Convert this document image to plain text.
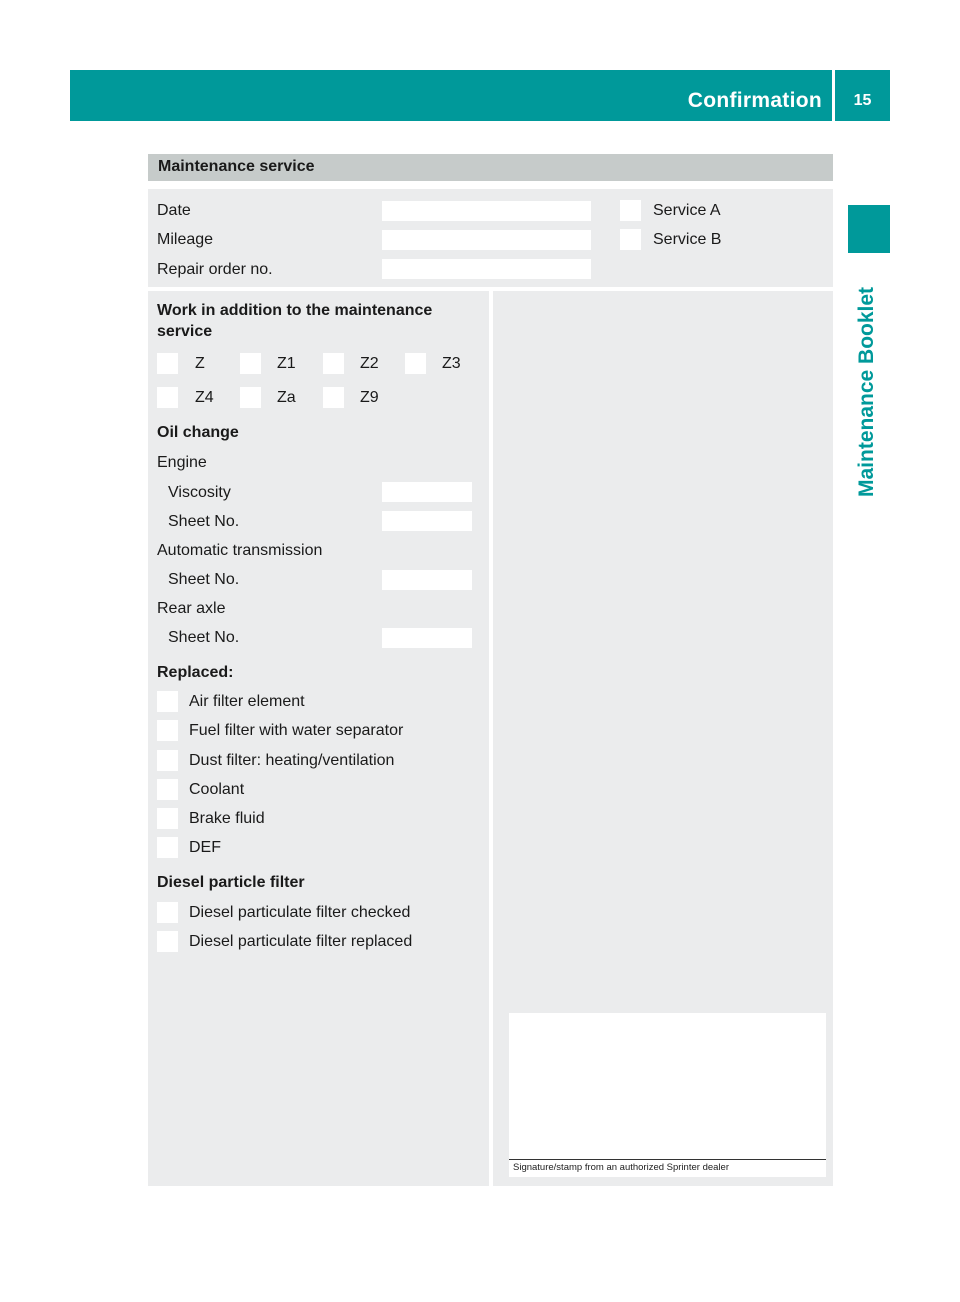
Confirmation	15
Maintenance Booklet
Maintenance service
Date
Mileage
Repair order no.
Service A
Service B
Work in addition to the maintenance
service
Z	Z1	Z2	Z3
Z4	Za	Z9
Oil change
Engine
Viscosity
Sheet No.
Automatic transmission
Sheet No.
Rear axle
Sheet No.
Replaced:
Air filter element
Fuel filter with water separator
Dust filter: heating/ventilation
Coolant
Brake fluid
DEF
Diesel particle filter
Diesel particulate filter checked
Diesel particulate filter replaced
Signature/stamp from an authorized Sprinter dealer
